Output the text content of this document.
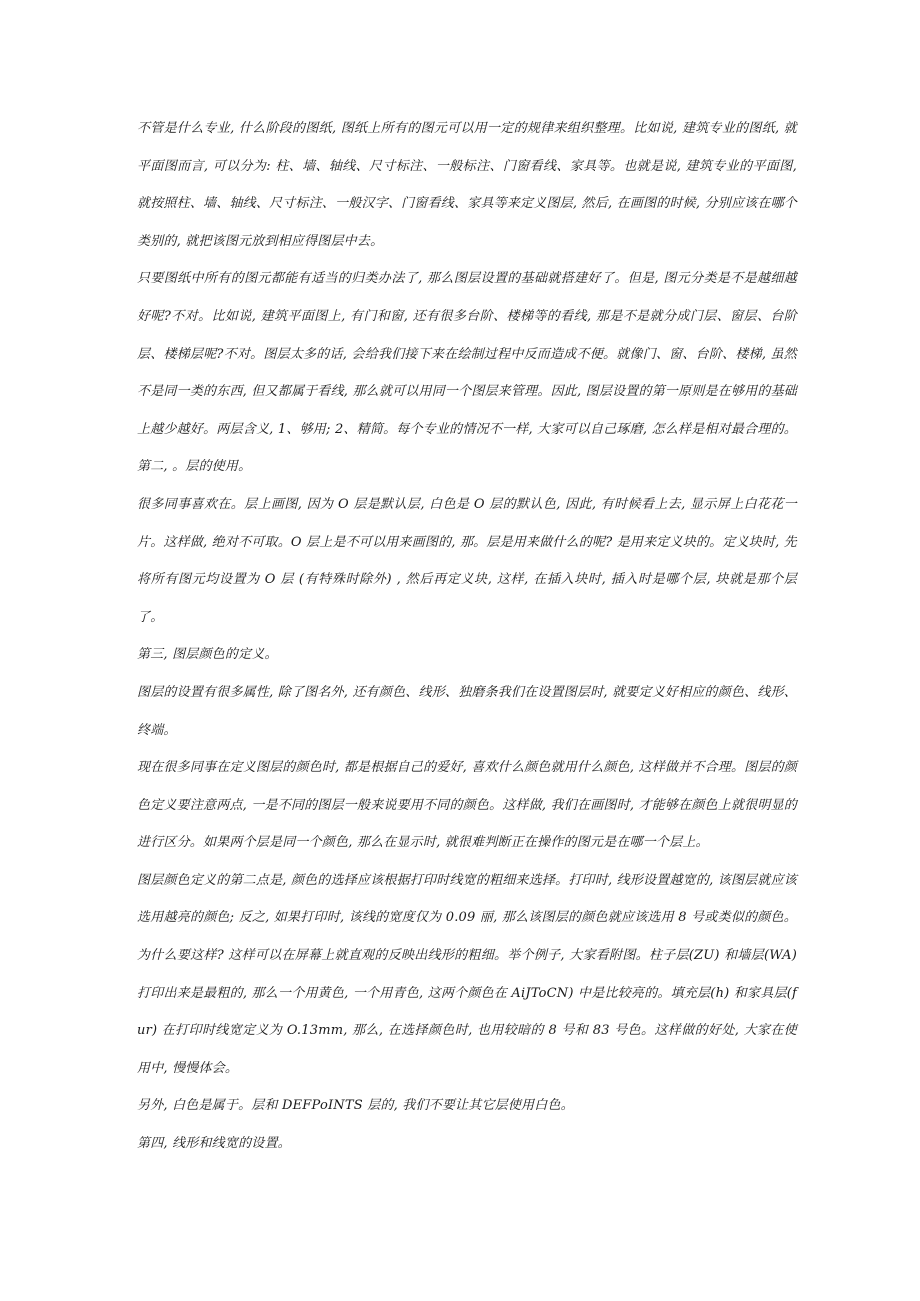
不管是什么专业, 什么阶段的图纸, 图纸上所有的图元可以用一定的规律来组织整理。比如说, 建筑专业的图纸, 就平面图而言, 可以分为: 柱、墙、轴线、尺寸标注、一般标注、门窗看线、家具等。也就是说, 建筑专业的平面图, 就按照柱、墙、轴线、尺寸标注、一般汉字、门窗看线、家具等来定义图层, 然后, 在画图的时候, 分别应该在哪个类别的, 就把该图元放到相应得图层中去。

只要图纸中所有的图元都能有适当的归类办法了, 那么图层设置的基础就搭建好了。但是, 图元分类是不是越细越好呢?不对。比如说, 建筑平面图上, 有门和窗, 还有很多台阶、楼梯等的看线, 那是不是就分成门层、窗层、台阶层、楼梯层呢?不对。图层太多的话, 会给我们接下来在绘制过程中反而造成不便。就像门、窗、台阶、楼梯, 虽然不是同一类的东西, 但又都属于看线, 那么就可以用同一个图层来管理。因此, 图层设置的第一原则是在够用的基础上越少越好。两层含义, 1、够用; 2、精简。每个专业的情况不一样, 大家可以自己琢磨, 怎么样是相对最合理的。第二, 。层的使用。

很多同事喜欢在。层上画图, 因为 O 层是默认层, 白色是 O 层的默认色, 因此, 有时候看上去, 显示屏上白花花一片。这样做, 绝对不可取。O 层上是不可以用来画图的, 那。层是用来做什么的呢? 是用来定义块的。定义块时, 先将所有图元均设置为 O 层 (有特殊时除外) , 然后再定义块, 这样, 在插入块时, 插入时是哪个层, 块就是那个层了。

第三, 图层颜色的定义。

图层的设置有很多属性, 除了图名外, 还有颜色、线形、独磨条我们在设置图层时, 就要定义好相应的颜色、线形、终端。

现在很多同事在定义图层的颜色时, 都是根据自己的爱好, 喜欢什么颜色就用什么颜色, 这样做并不合理。图层的颜色定义要注意两点, 一是不同的图层一般来说要用不同的颜色。这样做, 我们在画图时, 才能够在颜色上就很明显的进行区分。如果两个层是同一个颜色, 那么在显示时, 就很难判断正在操作的图元是在哪一个层上。

图层颜色定义的第二点是, 颜色的选择应该根据打印时线宽的粗细来选择。打印时, 线形设置越宽的, 该图层就应该选用越亮的颜色; 反之, 如果打印时, 该线的宽度仅为 0.09 丽, 那么该图层的颜色就应该选用 8 号或类似的颜色。为什么要这样? 这样可以在屏幕上就直观的反映出线形的粗细。举个例子, 大家看附图。柱子层(ZU) 和墙层(WA) 打印出来是最粗的, 那么一个用黄色, 一个用青色, 这两个颜色在 AiJToCN) 中是比较亮的。填充层(h) 和家具层(fur) 在打印时线宽定义为 O.13mm, 那么, 在选择颜色时, 也用较暗的 8 号和 83 号色。这样做的好处, 大家在使用中, 慢慢体会。

另外, 白色是属于。层和 DEFPoINTS 层的, 我们不要让其它层使用白色。

第四, 线形和线宽的设置。
